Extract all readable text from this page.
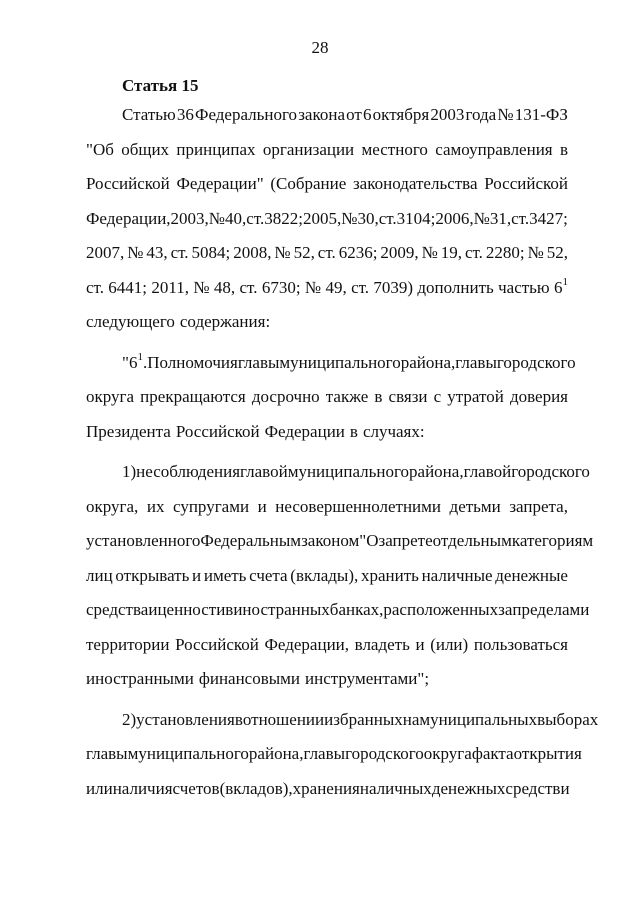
28
Статья 15
Статью 36 Федерального закона от 6 октября 2003 года № 131-ФЗ
"Об общих принципах организации местного самоуправления в
Российской Федерации" (Собрание законодательства Российской
Федерации, 2003, № 40, ст. 3822; 2005, № 30, ст. 3104; 2006, № 31, ст. 3427;
2007, № 43, ст. 5084; 2008, № 52, ст. 6236; 2009, № 19, ст. 2280; № 52,
ст. 6441; 2011, № 48, ст. 6730; № 49, ст. 7039) дополнить частью $6^1$
следующего содержания:
"$6^1$. Полномочия главы муниципального района, главы городского
округа прекращаются досрочно также в связи с утратой доверия
Президента Российской Федерации в случаях:
1) несоблюдения главой муниципального района, главой городского
округа, их супругами и несовершеннолетними детьми запрета,
установленного Федеральным законом "О запрете отдельным категориям
лиц открывать и иметь счета (вклады), хранить наличные денежные
средства и ценности в иностранных банках, расположенных за пределами
территории Российской Федерации, владеть и (или) пользоваться
иностранными финансовыми инструментами";
2) установления в отношении избранных на муниципальных выборах
главы муниципального района, главы городского округа факта открытия
или наличия счетов (вкладов), хранения наличных денежных средств и
